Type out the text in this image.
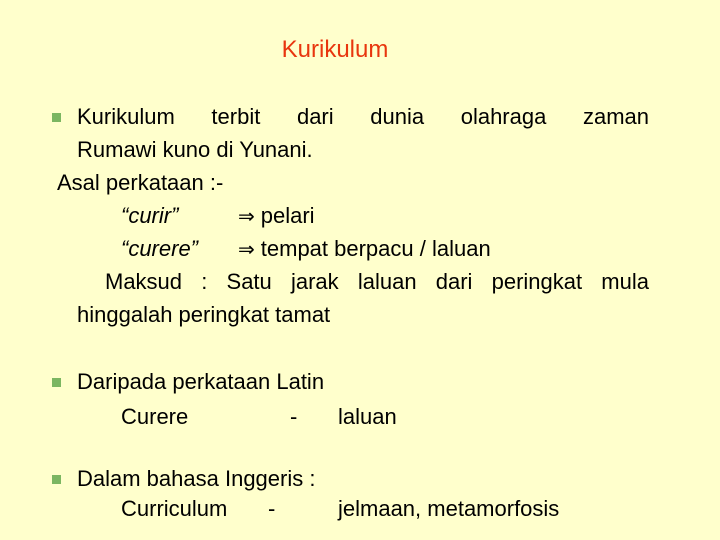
Kurikulum
Kurikulum terbit dari dunia olahraga zaman
Rumawi kuno di Yunani.
Asal perkataan :-
“curir”	⇒ pelari
“curere” ⇒ tempat berpacu / laluan
Maksud : Satu jarak laluan dari peringkat mula
hinggalah peringkat tamat
Daripada perkataan Latin
Curere	- laluan
Dalam bahasa Inggeris :
Curriculum -	jelmaan, metamorfosis
